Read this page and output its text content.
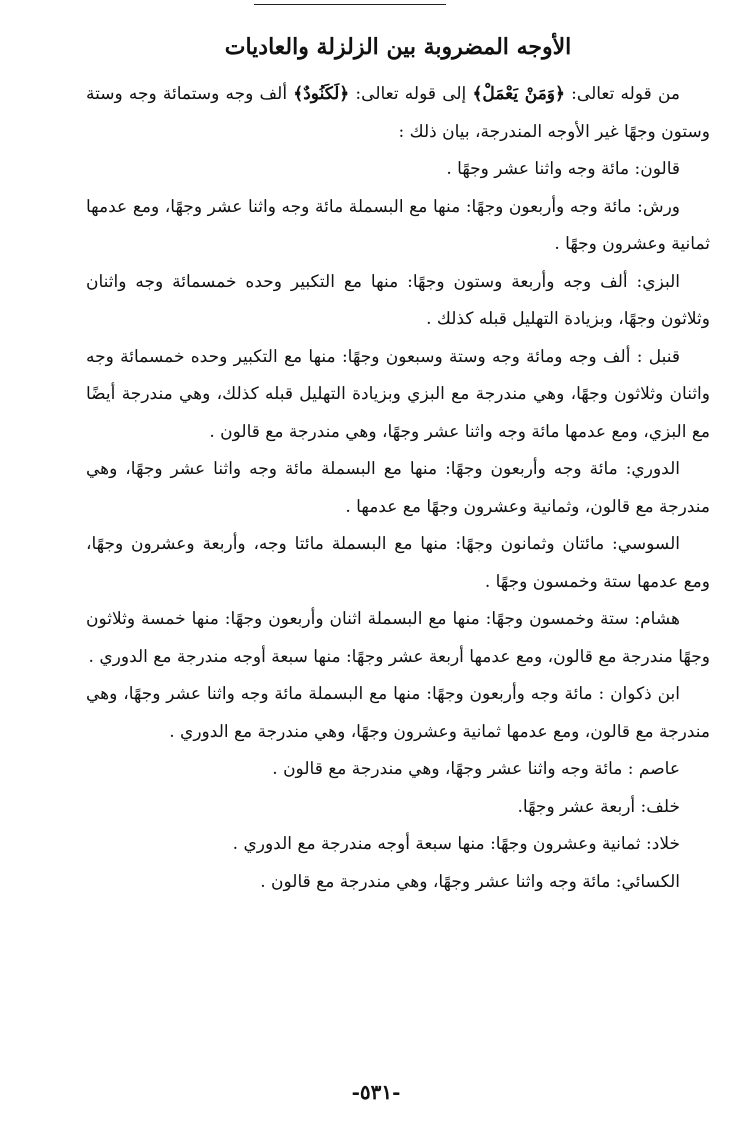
الأوجه المضروبة بين الزلزلة والعاديات

من قوله تعالى: ﴿وَمَنْ يَعْمَلْ﴾ إلى قوله تعالى: ﴿لَكَنُودٌ﴾ ألف وجه وستمائة وجه وستة وستون وجهًا غير الأوجه المندرجة، بيان ذلك :

قالون: مائة وجه واثنا عشر وجهًا .

ورش: مائة وجه وأربعون وجهًا: منها مع البسملة مائة وجه واثنا عشر وجهًا، ومع عدمها ثمانية وعشرون وجهًا .

البزي: ألف وجه وأربعة وستون وجهًا: منها مع التكبير وحده خمسمائة وجه واثنان وثلاثون وجهًا، وبزيادة التهليل قبله كذلك .

قنبل : ألف وجه ومائة وجه وستة وسبعون وجهًا: منها مع التكبير وحده خمسمائة وجه واثنان وثلاثون وجهًا، وهي مندرجة مع البزي وبزيادة التهليل قبله كذلك، وهي مندرجة أيضًا مع البزي، ومع عدمها مائة وجه واثنا عشر وجهًا، وهي مندرجة مع قالون .

الدوري: مائة وجه وأربعون وجهًا: منها مع البسملة مائة وجه واثنا عشر وجهًا، وهي مندرجة مع قالون، وثمانية وعشرون وجهًا مع عدمها .

السوسي: مائتان وثمانون وجهًا: منها مع البسملة مائتا وجه، وأربعة وعشرون وجهًا، ومع عدمها ستة وخمسون وجهًا .

هشام: ستة وخمسون وجهًا: منها مع البسملة اثنان وأربعون وجهًا: منها خمسة وثلاثون وجهًا مندرجة مع قالون، ومع عدمها أربعة عشر وجهًا: منها سبعة أوجه مندرجة مع الدوري .

ابن ذكوان : مائة وجه وأربعون وجهًا: منها مع البسملة مائة وجه واثنا عشر وجهًا، وهي مندرجة مع قالون، ومع عدمها ثمانية وعشرون وجهًا، وهي مندرجة مع الدوري .

عاصم : مائة وجه واثنا عشر وجهًا، وهي مندرجة مع قالون .

خلف: أربعة عشر وجهًا.

خلاد: ثمانية وعشرون وجهًا: منها سبعة أوجه مندرجة مع الدوري .

الكسائي: مائة وجه واثنا عشر وجهًا، وهي مندرجة مع قالون .

-٥٣١-
